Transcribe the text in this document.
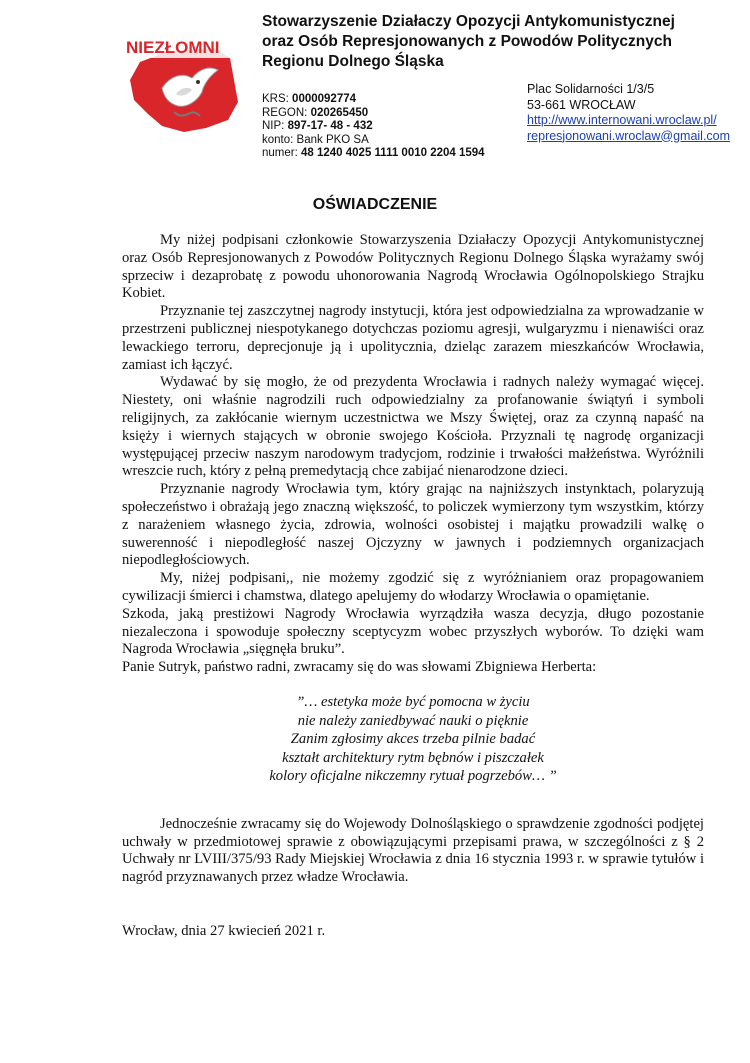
NIEZŁOMNI
Stowarzyszenie Działaczy Opozycji Antykomunistycznej
oraz Osób Represjonowanych z Powodów Politycznych
Regionu Dolnego Śląska
KRS: 0000092774
REGON: 020265450
NIP: 897-17- 48 - 432
konto: Bank PKO SA
numer: 48 1240 4025 1111 0010 2204 1594
Plac Solidarności 1/3/5
53-661 WROCŁAW
http://www.internowani.wroclaw.pl/
represjonowani.wroclaw@gmail.com
OŚWIADCZENIE

My niżej podpisani członkowie Stowarzyszenia Działaczy Opozycji Antykomunistycznej oraz Osób Represjonowanych z Powodów Politycznych Regionu Dolnego Śląska wyrażamy swój sprzeciw i dezaprobatę z powodu uhonorowania Nagrodą Wrocławia Ogólnopolskiego Strajku Kobiet.

Przyznanie tej zaszczytnej nagrody instytucji, która jest odpowiedzialna za wprowadzanie w przestrzeni publicznej niespotykanego dotychczas poziomu agresji, wulgaryzmu i nienawiści oraz lewackiego terroru, deprecjonuje ją i upolitycznia, dzieląc zarazem mieszkańców Wrocławia, zamiast ich łączyć.

Wydawać by się mogło, że od prezydenta Wrocławia i radnych należy wymagać więcej. Niestety, oni właśnie nagrodzili ruch odpowiedzialny za profanowanie świątyń i symboli religijnych, za zakłócanie wiernym uczestnictwa we Mszy Świętej, oraz za czynną napaść na księży i wiernych stających w obronie swojego Kościoła. Przyznali tę nagrodę organizacji występującej przeciw naszym narodowym tradycjom, rodzinie i trwałości małżeństwa. Wyróżnili wreszcie ruch, który z pełną premedytacją chce zabijać nienarodzone dzieci.

Przyznanie nagrody Wrocławia tym, który grając na najniższych instynktach, polaryzują społeczeństwo i obrażają jego znaczną większość, to policzek wymierzony tym wszystkim, którzy z narażeniem własnego życia, zdrowia, wolności osobistej i majątku prowadzili walkę o suwerenność i niepodległość naszej Ojczyzny w jawnych i podziemnych organizacjach niepodległościowych.

My, niżej podpisani,, nie możemy zgodzić się z wyróżnianiem oraz propagowaniem cywilizacji śmierci i chamstwa, dlatego apelujemy do włodarzy Wrocławia o opamiętanie.

Szkoda, jaką prestiżowi Nagrody Wrocławia wyrządziła wasza decyzja, długo pozostanie niezaleczona i spowoduje społeczny sceptycyzm wobec przyszłych wyborów. To dzięki wam Nagroda Wrocławia „sięgnęła bruku”.

Panie Sutryk, państwo radni, zwracamy się do was słowami Zbigniewa Herberta:

”… estetyka może być pomocna w życiu
nie należy zaniedbywać nauki o pięknie
Zanim zgłosimy akces trzeba pilnie badać
kształt architektury rytm bębnów i piszczałek
kolory oficjalne nikczemny rytuał pogrzebów… ”

Jednocześnie zwracamy się do Wojewody Dolnośląskiego o sprawdzenie zgodności podjętej uchwały w przedmiotowej sprawie z obowiązującymi przepisami prawa, w szczególności z § 2 Uchwały nr LVIII/375/93 Rady Miejskiej Wrocławia z dnia 16 stycznia 1993 r. w sprawie tytułów i nagród przyznawanych przez władze Wrocławia.

Wrocław, dnia 27 kwiecień 2021 r.
